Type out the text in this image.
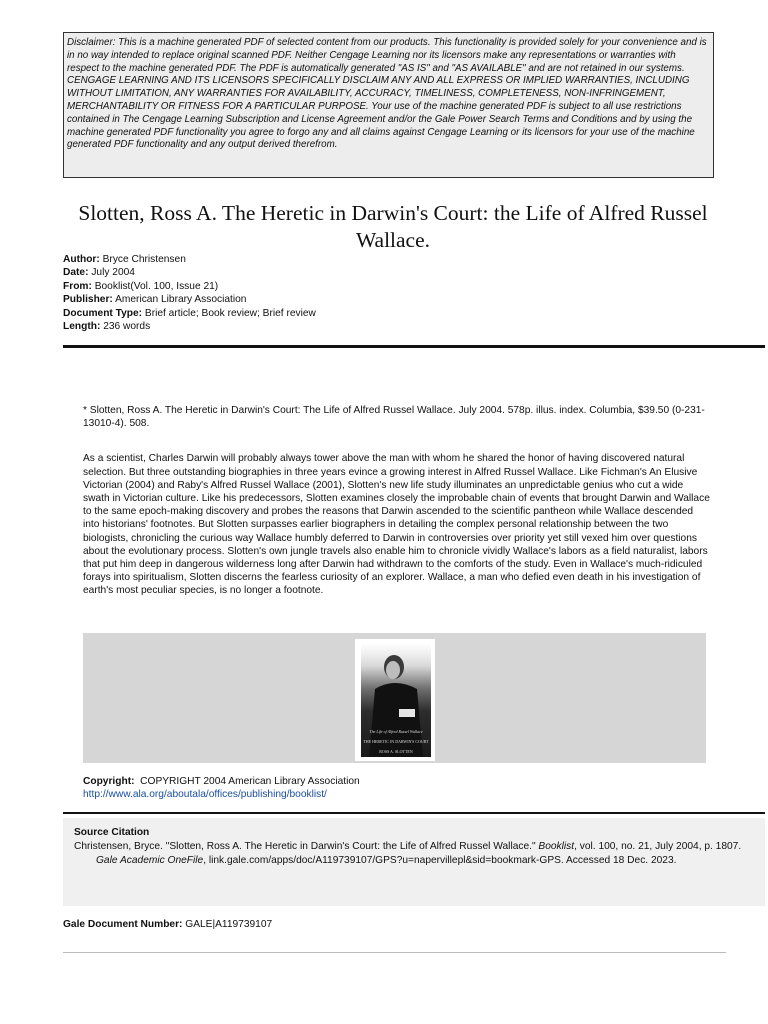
Disclaimer: This is a machine generated PDF of selected content from our products. This functionality is provided solely for your convenience and is in no way intended to replace original scanned PDF. Neither Cengage Learning nor its licensors make any representations or warranties with respect to the machine generated PDF. The PDF is automatically generated "AS IS" and "AS AVAILABLE" and are not retained in our systems. CENGAGE LEARNING AND ITS LICENSORS SPECIFICALLY DISCLAIM ANY AND ALL EXPRESS OR IMPLIED WARRANTIES, INCLUDING WITHOUT LIMITATION, ANY WARRANTIES FOR AVAILABILITY, ACCURACY, TIMELINESS, COMPLETENESS, NON-INFRINGEMENT, MERCHANTABILITY OR FITNESS FOR A PARTICULAR PURPOSE. Your use of the machine generated PDF is subject to all use restrictions contained in The Cengage Learning Subscription and License Agreement and/or the Gale Power Search Terms and Conditions and by using the machine generated PDF functionality you agree to forgo any and all claims against Cengage Learning or its licensors for your use of the machine generated PDF functionality and any output derived therefrom.
Slotten, Ross A. The Heretic in Darwin's Court: the Life of Alfred Russel Wallace.
Author: Bryce Christensen
Date: July 2004
From: Booklist(Vol. 100, Issue 21)
Publisher: American Library Association
Document Type: Brief article; Book review; Brief review
Length: 236 words

* Slotten, Ross A. The Heretic in Darwin's Court: The Life of Alfred Russel Wallace. July 2004. 578p. illus. index. Columbia, $39.50 (0-231-13010-4). 508.

As a scientist, Charles Darwin will probably always tower above the man with whom he shared the honor of having discovered natural selection. But three outstanding biographies in three years evince a growing interest in Alfred Russel Wallace. Like Fichman's An Elusive Victorian (2004) and Raby's Alfred Russel Wallace (2001), Slotten's new life study illuminates an unpredictable genius who cut a wide swath in Victorian culture. Like his predecessors, Slotten examines closely the improbable chain of events that brought Darwin and Wallace to the same epoch-making discovery and probes the reasons that Darwin ascended to the scientific pantheon while Wallace descended into historians' footnotes. But Slotten surpasses earlier biographers in detailing the complex personal relationship between the two biologists, chronicling the curious way Wallace humbly deferred to Darwin in controversies over priority yet still vexed him over questions about the evolutionary process. Slotten's own jungle travels also enable him to chronicle vividly Wallace's labors as a field naturalist, labors that put him deep in dangerous wilderness long after Darwin had withdrawn to the comforts of the study. Even in Wallace's much-ridiculed forays into spiritualism, Slotten discerns the fearless curiosity of an explorer. Wallace, a man who defied even death in his investigation of earth's most peculiar species, is no longer a footnote.

The Life of Alfred Russel Wallace
THE HERETIC IN DARWIN'S COURT
ROSS A. SLOTTEN
Copyright: COPYRIGHT 2004 American Library Association
http://www.ala.org/aboutala/offices/publishing/booklist/
Source Citation
Christensen, Bryce. "Slotten, Ross A. The Heretic in Darwin's Court: the Life of Alfred Russel Wallace." Booklist, vol. 100, no. 21, July 2004, p. 1807. Gale Academic OneFile, link.gale.com/apps/doc/A119739107/GPS?u=napervillepl&sid=bookmark-GPS. Accessed 18 Dec. 2023.
Gale Document Number: GALE|A119739107
